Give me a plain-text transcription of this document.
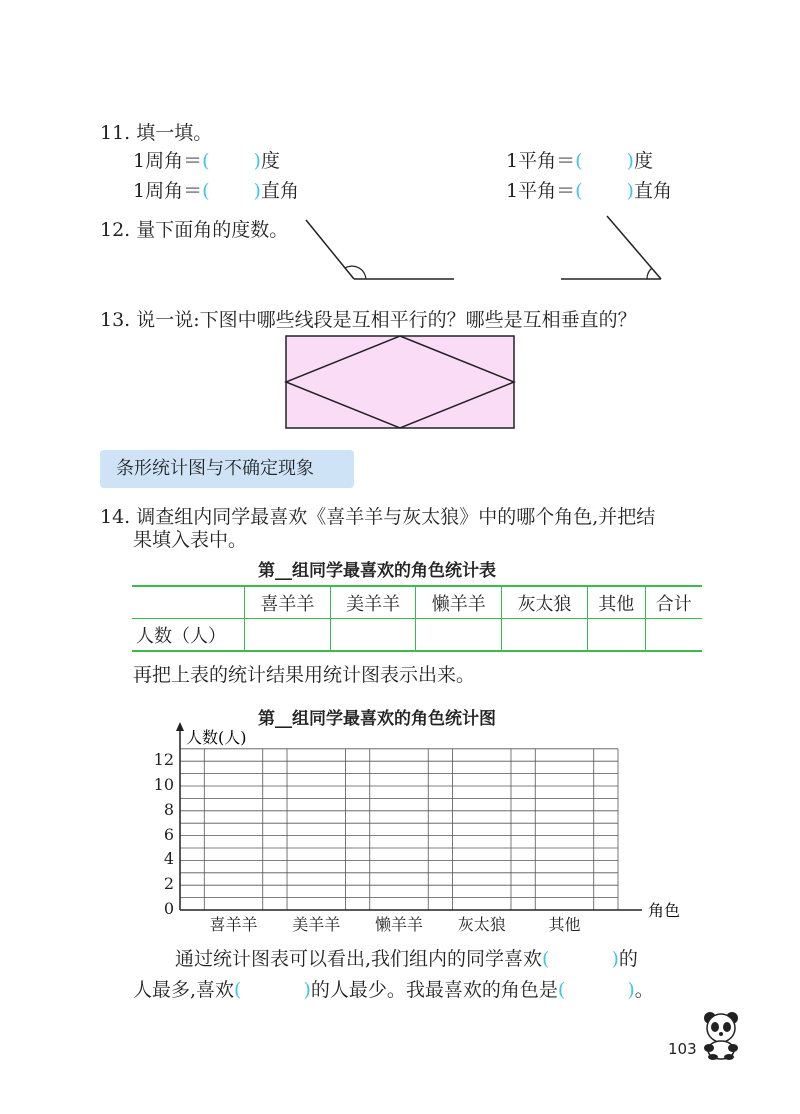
11. 填一填。
1周角＝( )度	1平角＝( )度
1周角＝( )直角	1平角＝( )直角
12. 量下面角的度数。
13. 说一说:下图中哪些线段是互相平行的？哪些是互相垂直的？
条形统计图与不确定现象
14. 调查组内同学最喜欢《喜羊羊与灰太狼》中的哪个角色,并把结
果填入表中。
第__组同学最喜欢的角色统计表
	喜羊羊	美羊羊	懒羊羊	灰太狼	其他	合计
人数（人）						
再把上表的统计结果用统计图表示出来。
第__组同学最喜欢的角色统计图
人数(人)
角色
0
2
4
6
8
10
12
喜羊羊	美羊羊	懒羊羊	灰太狼	其他
通过统计图表可以看出,我们组内的同学喜欢(	)的
人最多,喜欢(	)的人最少。我最喜欢的角色是(	)。
103
